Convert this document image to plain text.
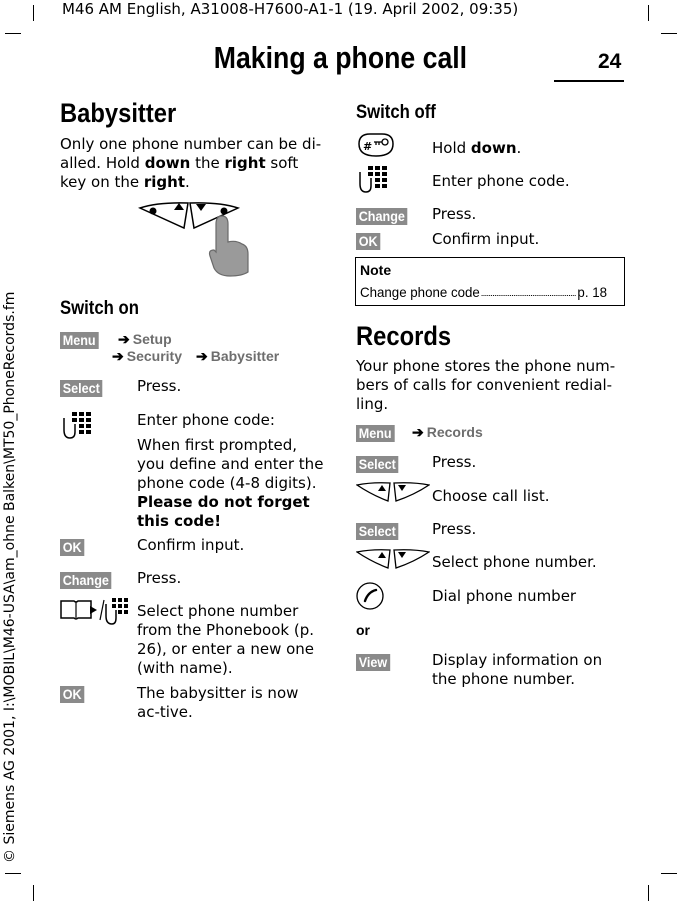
M46 AM English, A31008-H7600-A1-1 (19. April 2002, 09:35)
Making a phone call	24
© Siemens AG 2001, I:\MOBIL\M46-USA\am_ohne Balken\MT50_PhoneRecords.fm
Babysitter
Only one phone number can be di-alled. Hold down the right soft key on the right.
Switch on
Menu	➔ Setup
➔ Security ➔ Babysitter
Select	Press.
Enter phone code:
When first prompted, you define and enter the phone code (4-8 digits).
Please do not forget this code!
OK	Confirm input.
Change	Press.
Select phone number from the Phonebook (p. 26), or enter a new one (with name).
OK	The babysitter is now ac-tive.
Switch off
#	Hold down.
Enter phone code.
Change	Press.
OK	Confirm input.
Note
Change phone code	p. 18
Records
Your phone stores the phone num-bers of calls for convenient redial-ling.
Menu	➔ Records
Select	Press.
Choose call list.
Select	Press.
Select phone number.
Dial phone number
or
View	Display information on the phone number.
